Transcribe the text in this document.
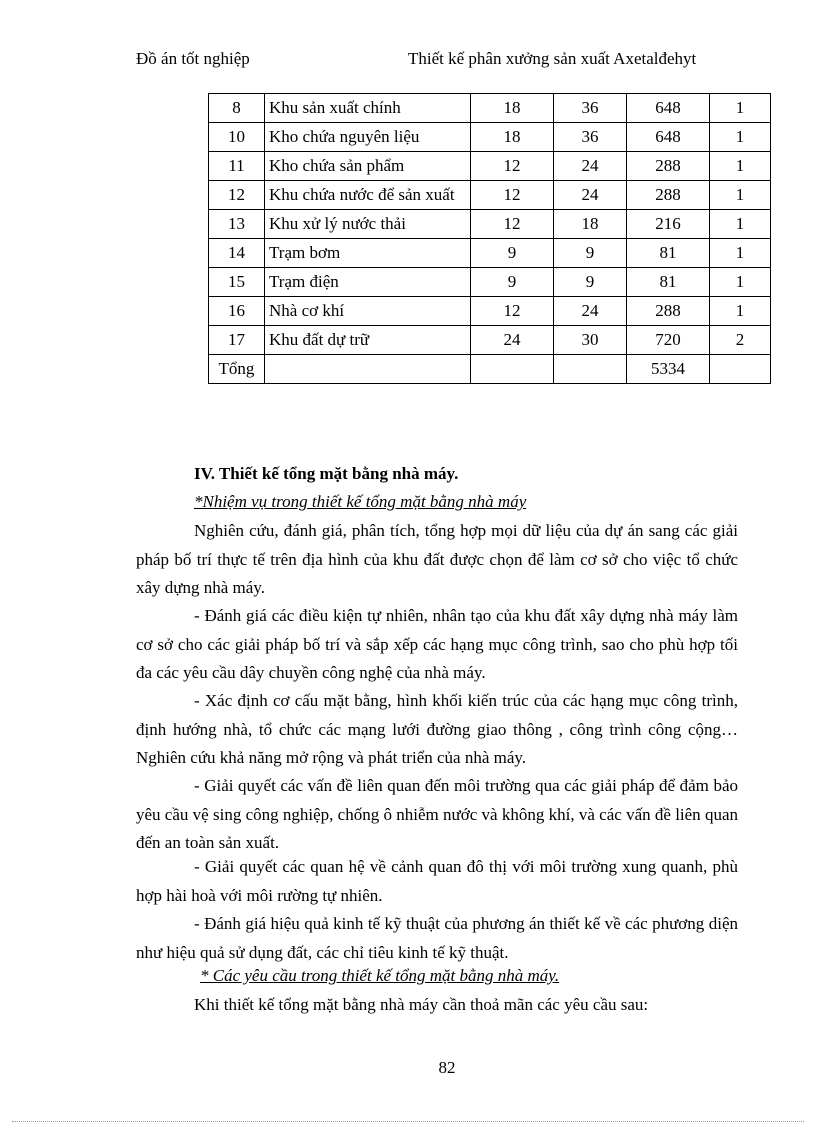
Đồ án tốt nghiệp	Thiết kế phân xưởng sản xuất Axetalđehyt
8	Khu sản xuất chính	18	36	648	1
10	Kho chứa nguyên liệu	18	36	648	1
11	Kho chứa sản phẩm	12	24	288	1
12	Khu chứa nước để sản xuất	12	24	288	1
13	Khu xử lý nước thải	12	18	216	1
14	Trạm bơm	9	9	81	1
15	Trạm điện	9	9	81	1
16	Nhà cơ khí	12	24	288	1
17	Khu đất dự trữ	24	30	720	2
Tổng				5334	
IV. Thiết kế tổng mặt bằng nhà máy.
*Nhiệm vụ trong thiết kế tổng mặt bằng nhà máy

Nghiên cứu, đánh giá, phân tích, tổng hợp mọi dữ liệu của dự án sang các giải pháp bố trí thực tế trên địa hình của khu đất được chọn để làm cơ sở cho việc tổ chức xây dựng nhà máy.

- Đánh giá các điều kiện tự nhiên, nhân tạo của khu đất xây dựng nhà máy làm cơ sở cho các giải pháp bố trí và sắp xếp các hạng mục công trình, sao cho phù hợp tối đa các yêu cầu dây chuyền công nghệ của nhà máy.

- Xác định cơ cấu mặt bằng, hình khối kiến trúc của các hạng mục công trình, định hướng nhà, tổ chức các mạng lưới đường giao thông , công trình công cộng…Nghiên cứu khả năng mở rộng và phát triển của nhà máy.

- Giải quyết các vấn đề liên quan đến môi trường qua các giải pháp để đảm bảo yêu cầu vệ sing công nghiệp, chống ô nhiễm nước và không khí, và các vấn đề liên quan đến an toàn sản xuất.

- Giải quyết các quan hệ về cảnh quan đô thị với môi trường xung quanh, phù hợp hài hoà với môi rường tự nhiên.

- Đánh giá hiệu quả kinh tế kỹ thuật của phương án thiết kế về các phương diện như hiệu quả sử dụng đất, các chỉ tiêu kinh tế kỹ thuật.

* Các yêu cầu trong thiết kế tổng mặt bằng nhà máy.
Khi thiết kế tổng mặt bằng nhà máy cần thoả mãn các yêu cầu sau:
82
